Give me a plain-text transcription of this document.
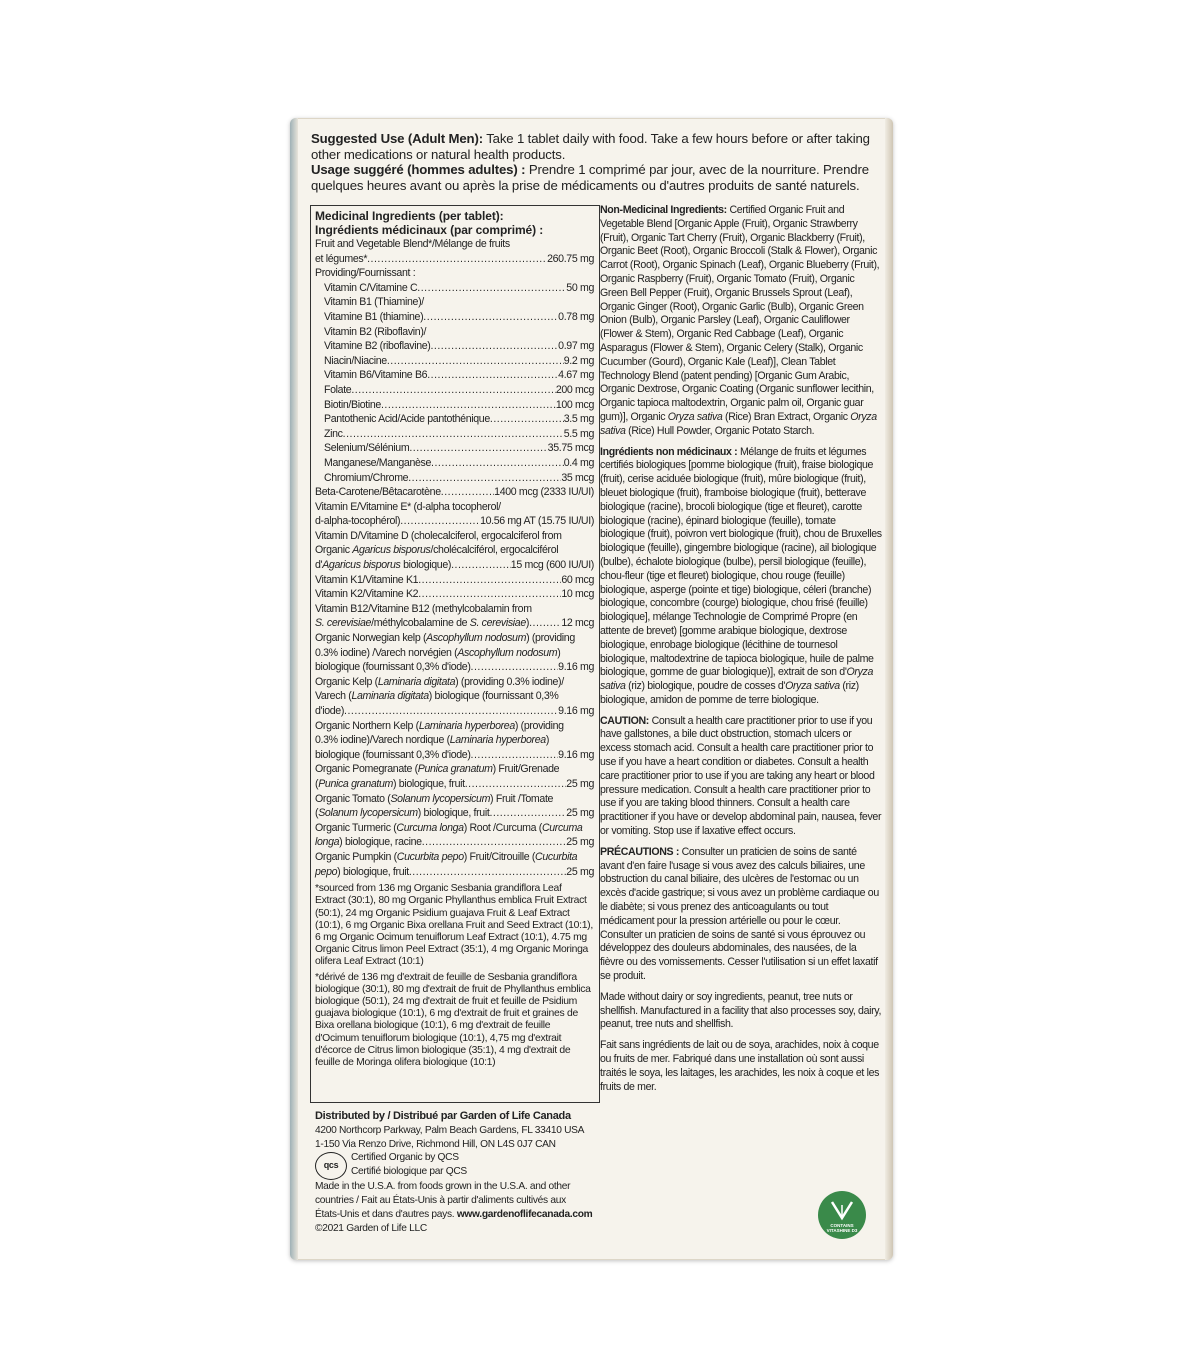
Suggested Use (Adult Men): Take 1 tablet daily with food. Take a few hours before or after taking other medications or natural health products.
Usage suggéré (hommes adultes) : Prendre 1 comprimé par jour, avec de la nourriture. Prendre quelques heures avant ou après la prise de médicaments ou d'autres produits de santé naturels.
Medicinal Ingredients (per tablet):
Ingrédients médicinaux (par comprimé) :
Fruit and Vegetable Blend*/Mélange de fruits
et légumes* .....	260.75 mg
Providing/Fournissant :
Vitamin C/Vitamine C .....	50 mg
Vitamin B1 (Thiamine)/
Vitamine B1 (thiamine) .....	0.78 mg
Vitamin B2 (Riboflavin)/
Vitamine B2 (riboflavine) .....	0.97 mg
Niacin/Niacine .....	9.2 mg
Vitamin B6/Vitamine B6 .....	4.67 mg
Folate .....	200 mcg
Biotin/Biotine .....	100 mcg
Pantothenic Acid/Acide pantothénique .....	3.5 mg
Zinc .....	5.5 mg
Selenium/Sélénium .....	35.75 mcg
Manganese/Manganèse .....	0.4 mg
Chromium/Chrome .....	35 mcg
Beta-Carotene/Bêtacarotène .....	1400 mcg (2333 IU/UI)
Vitamin E/Vitamine E* (d-alpha tocopherol/
d-alpha-tocophérol) .....	10.56 mg AT (15.75 IU/UI)
Vitamin D/Vitamine D (cholecalciferol, ergocalciferol from
Organic Agaricus bisporus/cholécalciférol, ergocalciférol
d'Agaricus bisporus biologique) .....	15 mcg (600 IU/UI)
Vitamin K1/Vitamine K1 .....	60 mcg
Vitamin K2/Vitamine K2 .....	10 mcg
Vitamin B12/Vitamine B12 (methylcobalamin from
S. cerevisiae/méthylcobalamine de S. cerevisiae) .....	12 mcg
Organic Norwegian kelp (Ascophyllum nodosum) (providing
0.3% iodine) /Varech norvégien (Ascophyllum nodosum)
biologique (fournissant 0,3% d'iode) .....	9.16 mg
Organic Kelp (Laminaria digitata) (providing 0.3% iodine)/
Varech (Laminaria digitata) biologique (fournissant 0,3%
d'iode) .....	9.16 mg
Organic Northern Kelp (Laminaria hyperborea) (providing
0.3% iodine)/Varech nordique (Laminaria hyperborea)
biologique (fournissant 0,3% d'iode) .....	9.16 mg
Organic Pomegranate (Punica granatum) Fruit/Grenade
(Punica granatum) biologique, fruit .....	25 mg
Organic Tomato (Solanum lycopersicum) Fruit /Tomate
(Solanum lycopersicum) biologique, fruit .....	25 mg
Organic Turmeric (Curcuma longa) Root /Curcuma (Curcuma
longa) biologique, racine .....	25 mg
Organic Pumpkin (Cucurbita pepo) Fruit/Citrouille (Cucurbita
pepo) biologique, fruit .....	25 mg
*sourced from 136 mg Organic Sesbania grandiflora Leaf Extract (30:1), 80 mg Organic Phyllanthus emblica Fruit Extract (50:1), 24 mg Organic Psidium guajava Fruit & Leaf Extract (10:1), 6 mg Organic Bixa orellana Fruit and Seed Extract (10:1), 6 mg Organic Ocimum tenuiflorum Leaf Extract (10:1), 4.75 mg Organic Citrus limon Peel Extract (35:1), 4 mg Organic Moringa olifera Leaf Extract (10:1)
*dérivé de 136 mg d'extrait de feuille de Sesbania grandiflora biologique (30:1), 80 mg d'extrait de fruit de Phyllanthus emblica biologique (50:1), 24 mg d'extrait de fruit et feuille de Psidium guajava biologique (10:1), 6 mg d'extrait de fruit et graines de Bixa orellana biologique (10:1), 6 mg d'extrait de feuille d'Ocimum tenuiflorum biologique (10:1), 4,75 mg d'extrait d'écorce de Citrus limon biologique (35:1), 4 mg d'extrait de feuille de Moringa olifera biologique (10:1)
Distributed by / Distribué par Garden of Life Canada
4200 Northcorp Parkway, Palm Beach Gardens, FL 33410 USA
1-150 Via Renzo Drive, Richmond Hill, ON L4S 0J7 CAN
qcs
Certified Organic by QCS
Certifié biologique par QCS
Made in the U.S.A. from foods grown in the U.S.A. and other
countries / Fait au États-Unis à partir d'aliments cultivés aux
États-Unis et dans d'autres pays. www.gardenoflifecanada.com
©2021 Garden of Life LLC

Non-Medicinal Ingredients: Certified Organic Fruit and Vegetable Blend [Organic Apple (Fruit), Organic Strawberry (Fruit), Organic Tart Cherry (Fruit), Organic Blackberry (Fruit), Organic Beet (Root), Organic Broccoli (Stalk & Flower), Organic Carrot (Root), Organic Spinach (Leaf), Organic Blueberry (Fruit), Organic Raspberry (Fruit), Organic Tomato (Fruit), Organic Green Bell Pepper (Fruit), Organic Brussels Sprout (Leaf), Organic Ginger (Root), Organic Garlic (Bulb), Organic Green Onion (Bulb), Organic Parsley (Leaf), Organic Cauliflower (Flower & Stem), Organic Red Cabbage (Leaf), Organic Asparagus (Flower & Stem), Organic Celery (Stalk), Organic Cucumber (Gourd), Organic Kale (Leaf)], Clean Tablet Technology Blend (patent pending) [Organic Gum Arabic, Organic Dextrose, Organic Coating (Organic sunflower lecithin, Organic tapioca maltodextrin, Organic palm oil, Organic guar gum)], Organic Oryza sativa (Rice) Bran Extract, Organic Oryza sativa (Rice) Hull Powder, Organic Potato Starch.

Ingrédients non médicinaux : Mélange de fruits et légumes certifiés biologiques [pomme biologique (fruit), fraise biologique (fruit), cerise aciduée biologique (fruit), mûre biologique (fruit), bleuet biologique (fruit), framboise biologique (fruit), betterave biologique (racine), brocoli biologique (tige et fleuret), carotte biologique (racine), épinard biologique (feuille), tomate biologique (fruit), poivron vert biologique (fruit), chou de Bruxelles biologique (feuille), gingembre biologique (racine), ail biologique (bulbe), échalote biologique (bulbe), persil biologique (feuille), chou-fleur (tige et fleuret) biologique, chou rouge (feuille) biologique, asperge (pointe et tige) biologique, céleri (branche) biologique, concombre (courge) biologique, chou frisé (feuille) biologique], mélange Technologie de Comprimé Propre (en attente de brevet) [gomme arabique biologique, dextrose biologique, enrobage biologique (lécithine de tournesol biologique, maltodextrine de tapioca biologique, huile de palme biologique, gomme de guar biologique)], extrait de son d'Oryza sativa (riz) biologique, poudre de cosses d'Oryza sativa (riz) biologique, amidon de pomme de terre biologique.

CAUTION: Consult a health care practitioner prior to use if you have gallstones, a bile duct obstruction, stomach ulcers or excess stomach acid. Consult a health care practitioner prior to use if you have a heart condition or diabetes. Consult a health care practitioner prior to use if you are taking any heart or blood pressure medication. Consult a health care practitioner prior to use if you are taking blood thinners. Consult a health care practitioner if you have or develop abdominal pain, nausea, fever or vomiting. Stop use if laxative effect occurs.

PRÉCAUTIONS : Consulter un praticien de soins de santé avant d'en faire l'usage si vous avez des calculs biliaires, une obstruction du canal biliaire, des ulcères de l'estomac ou un excès d'acide gastrique; si vous avez un problème cardiaque ou le diabète; si vous prenez des anticoagulants ou tout médicament pour la pression artérielle ou pour le cœur. Consulter un praticien de soins de santé si vous éprouvez ou développez des douleurs abdominales, des nausées, de la fièvre ou des vomissements. Cesser l'utilisation si un effet laxatif se produit.

Made without dairy or soy ingredients, peanut, tree nuts or shellfish. Manufactured in a facility that also processes soy, dairy, peanut, tree nuts and shellfish.

Fait sans ingrédients de lait ou de soya, arachides, noix à coque ou fruits de mer. Fabriqué dans une installation où sont aussi traités le soya, les laitages, les arachides, les noix à coque et les fruits de mer.

CONTAINS
VITASHINE D3
